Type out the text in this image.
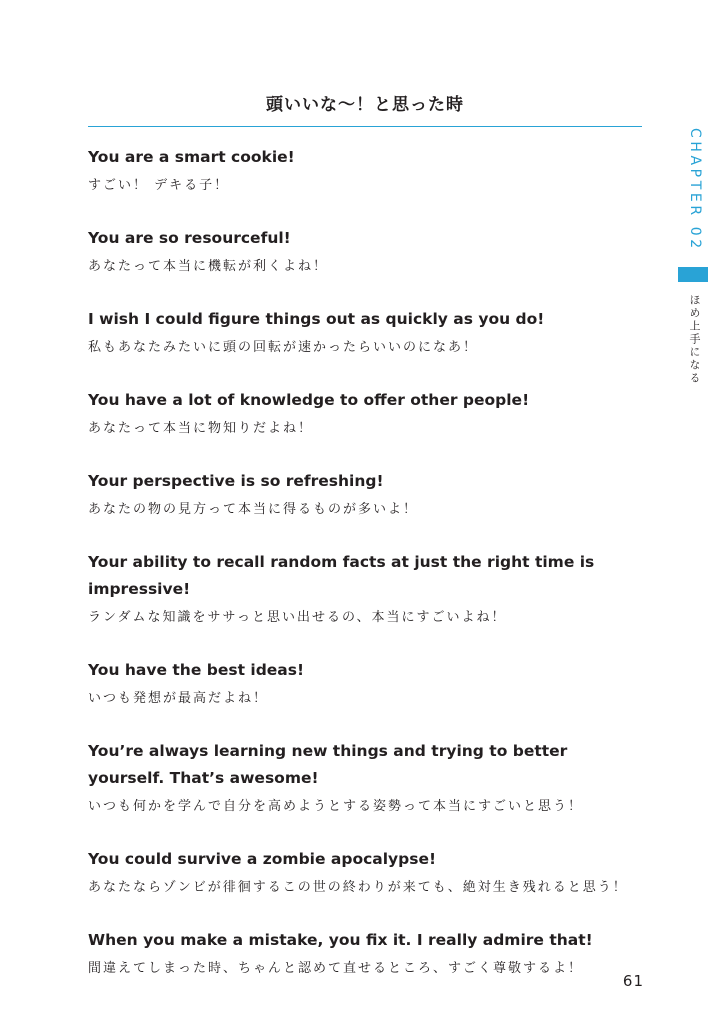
頭いいな〜！と思った時
You are a smart cookie!
すごい！ デキる子！
You are so resourceful!
あなたって本当に機転が利くよね！
I wish I could figure things out as quickly as you do!
私もあなたみたいに頭の回転が速かったらいいのになあ！
You have a lot of knowledge to offer other people!
あなたって本当に物知りだよね！
Your perspective is so refreshing!
あなたの物の見方って本当に得るものが多いよ！
Your ability to recall random facts at just the right time is impressive!
ランダムな知識をササっと思い出せるの、本当にすごいよね！
You have the best ideas!
いつも発想が最高だよね！
You’re always learning new things and trying to better yourself. That’s awesome!
いつも何かを学んで自分を高めようとする姿勢って本当にすごいと思う！
You could survive a zombie apocalypse!
あなたならゾンビが徘徊するこの世の終わりが来ても、絶対生き残れると思う！
When you make a mistake, you fix it. I really admire that!
間違えてしまった時、ちゃんと認めて直せるところ、すごく尊敬するよ！
CHAPTER 02
ほめ上手になる
61
